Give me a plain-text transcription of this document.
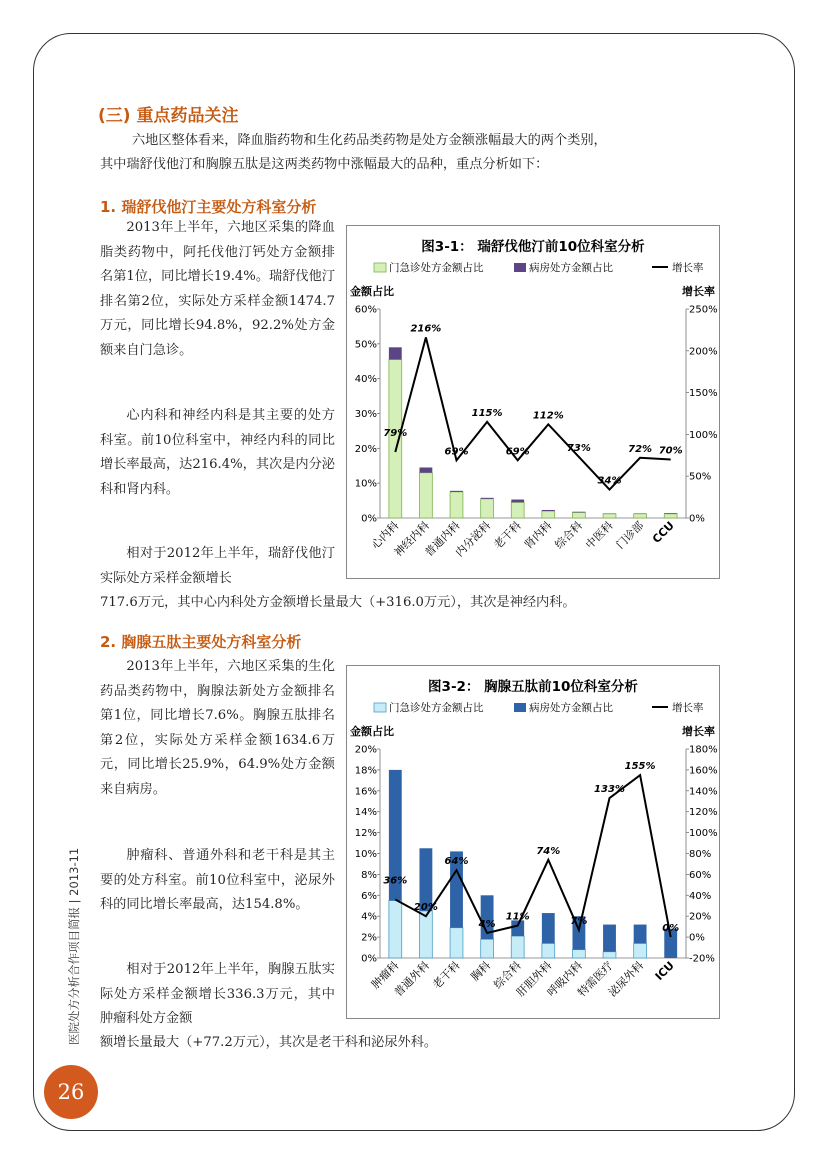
(三) 重点药品关注

六地区整体看来，降血脂药物和生化药品类药物是处方金额涨幅最大的两个类别，

其中瑞舒伐他汀和胸腺五肽是这两类药物中涨幅最大的品种，重点分析如下：

1. 瑞舒伐他汀主要处方科室分析

2013年上半年，六地区采集的降血脂类药物中，阿托伐他汀钙处方金额排名第1位，同比增长19.4%。瑞舒伐他汀排名第2位，实际处方采样金额1474.7万元，同比增长94.8%，92.2%处方金额来自门急诊。

心内科和神经内科是其主要的处方科室。前10位科室中，神经内科的同比增长率最高，达216.4%，其次是内分泌科和肾内科。

相对于2012年上半年，瑞舒伐他汀实际处方采样金额增长

717.6万元，其中心内科处方金额增长量最大（+316.0万元），其次是神经内科。

图3-1： 瑞舒伐他汀前10位科室分析
门急诊处方金额占比	病房处方金额占比	增长率
金额占比	增长率
0%
10%
20%
30%
40%
50%
60%
0%
50%
100%
150%
200%
250%
心内科
神经内科
普通内科
内分泌科
老干科
肾内科
综合科
中医科
门诊部 CCU
79%
216%
69%
115%
69%
112%
73%
34%
72% 70%
2. 胸腺五肽主要处方科室分析

2013年上半年，六地区采集的生化药品类药物中，胸腺法新处方金额排名第1位，同比增长7.6%。胸腺五肽排名第2位，实际处方采样金额1634.6万元，同比增长25.9%，64.9%处方金额来自病房。

肿瘤科、普通外科和老干科是其主要的处方科室。前10位科室中，泌尿外科的同比增长率最高，达154.8%。

相对于2012年上半年，胸腺五肽实际处方采样金额增长336.3万元，其中肿瘤科处方金额

额增长量最大（+77.2万元），其次是老干科和泌尿外科。

图3-2： 胸腺五肽前10位科室分析
门急诊处方金额占比	病房处方金额占比	增长率
金额占比	增长率
0%
2%
4%
6%
8%
10%
12%
14%
16%
18%
20%
-20%
0%
20%
40%
60%
80%
100%
120%
140%
160%
180%
肿瘤科
普通外科
老干科 胸科
综合科
肝胆外科
呼吸内科
特需医疗
泌尿外科 ICU
36%
20%
64%
4%
11%
74%
7%
133%
155%
0%
医院处方分析合作项目简报 | 2013-11
26
